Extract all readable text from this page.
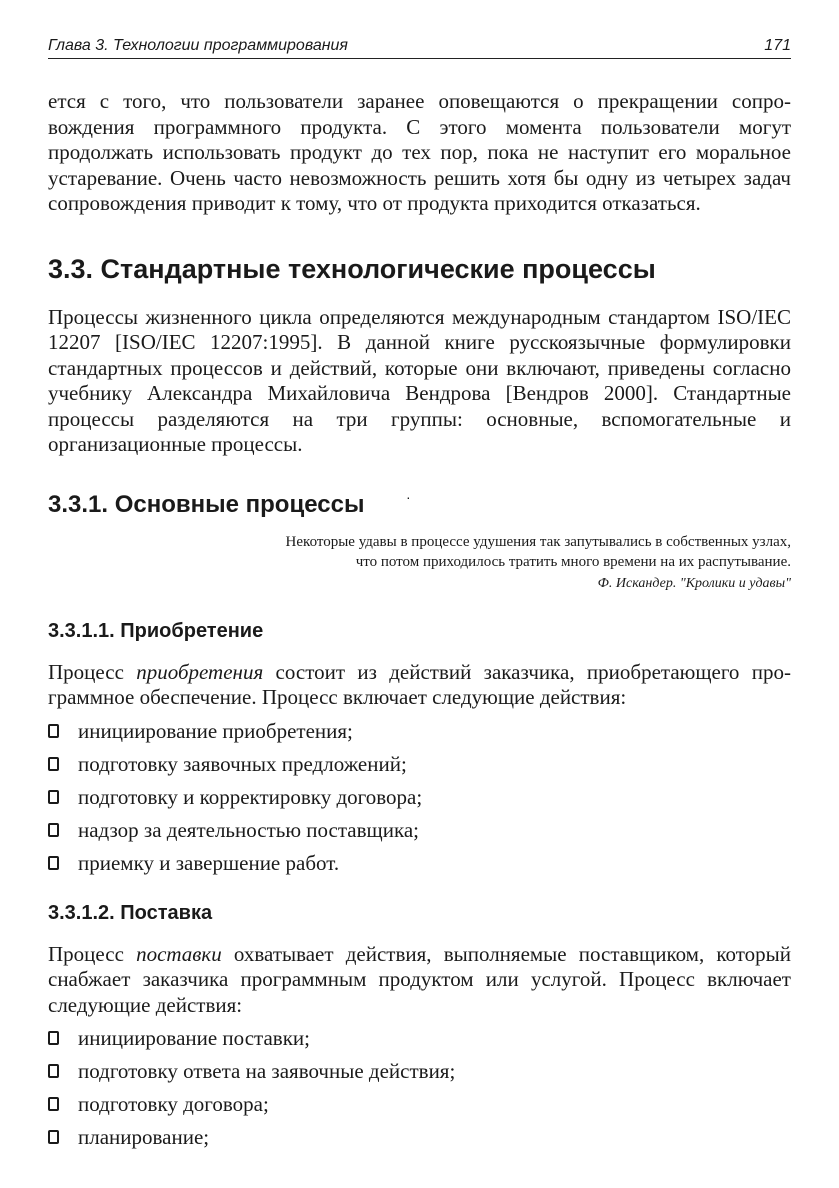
Глава 3. Технологии программирования	171

ется с того, что пользователи заранее оповещаются о прекращении сопровождения программного продукта. С этого момента пользователи могут продолжать использовать продукт до тех пор, пока не наступит его моральное устаревание. Очень часто невозможность решить хотя бы одну из четырех задач сопровождения приводит к тому, что от продукта приходится отказаться.

3.3. Стандартные технологические процессы

Процессы жизненного цикла определяются международным стандартом ISO/IEC 12207 [ISO/IEC 12207:1995]. В данной книге русскоязычные формулировки стандартных процессов и действий, которые они включают, приведены согласно учебнику Александра Михайловича Вендрова [Вендров 2000]. Стандартные процессы разделяются на три группы: основные, вспомогательные и организационные процессы.

3.3.1. Основные процессы	·
Некоторые удавы в процессе удушения так запутывались в собственных узлах,
что потом приходилось тратить много времени на их распутывание.
Ф. Искандер. "Кролики и удавы"
3.3.1.1. Приобретение

Процесс приобретения состоит из действий заказчика, приобретающего программное обеспечение. Процесс включает следующие действия:

инициирование приобретения;
подготовку заявочных предложений;
подготовку и корректировку договора;
надзор за деятельностью поставщика;
приемку и завершение работ.
3.3.1.2. Поставка

Процесс поставки охватывает действия, выполняемые поставщиком, который снабжает заказчика программным продуктом или услугой. Процесс включает следующие действия:

инициирование поставки;
подготовку ответа на заявочные действия;
подготовку договора;
планирование;
